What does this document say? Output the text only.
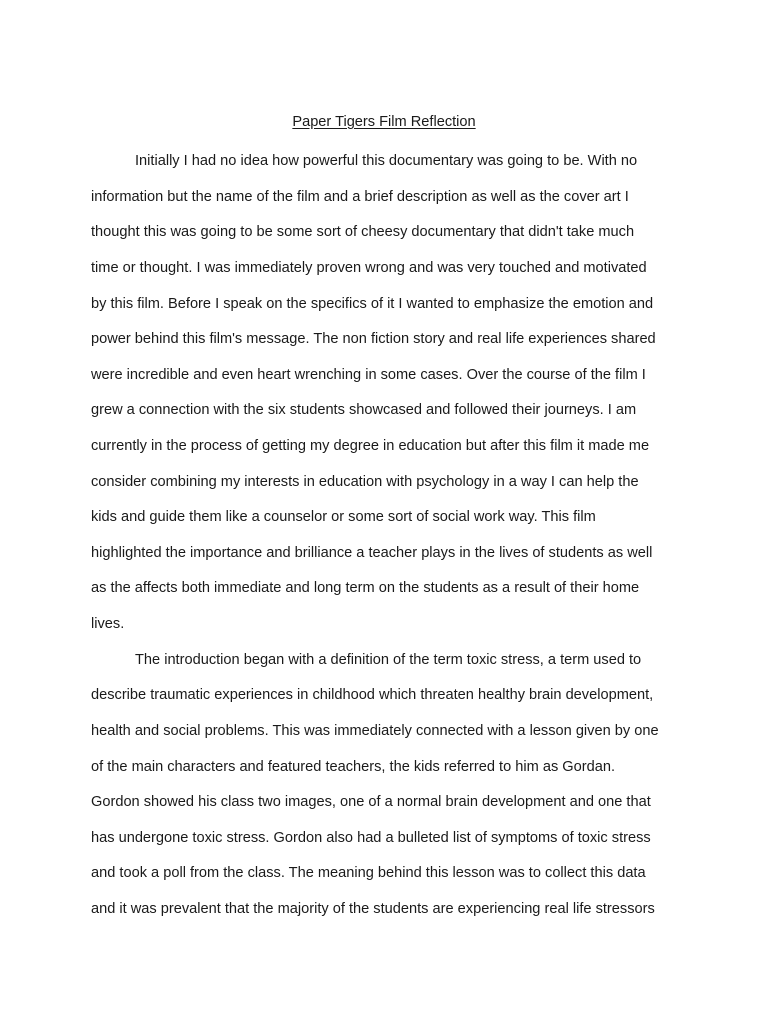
Paper Tigers Film Reflection

Initially I had no idea how powerful this documentary was going to be. With no

information but the name of the film and a brief description as well as the cover art I

thought this was going to be some sort of cheesy documentary that didn't take much

time or thought. I was immediately proven wrong and was very touched and motivated

by this film. Before I speak on the specifics of it I wanted to emphasize the emotion and

power behind this film's message. The non fiction story and real life experiences shared

were incredible and even heart wrenching in some cases. Over the course of the film I

grew a connection with the six students showcased and followed their journeys. I am

currently in the process of getting my degree in education but after this film it made me

consider combining my interests in education with psychology in a way I can help the

kids and guide them like a counselor or some sort of social work way. This film

highlighted the importance and brilliance a teacher plays in the lives of students as well

as the affects both immediate and long term on the students as a result of their home

lives.

The introduction began with a definition of the term toxic stress, a term used to

describe traumatic experiences in childhood which threaten healthy brain development,

health and social problems. This was immediately connected with a lesson given by one

of the main characters and featured teachers, the kids referred to him as Gordan.

Gordon showed his class two images, one of a normal brain development and one that

has undergone toxic stress. Gordon also had a bulleted list of symptoms of toxic stress

and took a poll from the class. The meaning behind this lesson was to collect this data

and it was prevalent that the majority of the students are experiencing real life stressors
